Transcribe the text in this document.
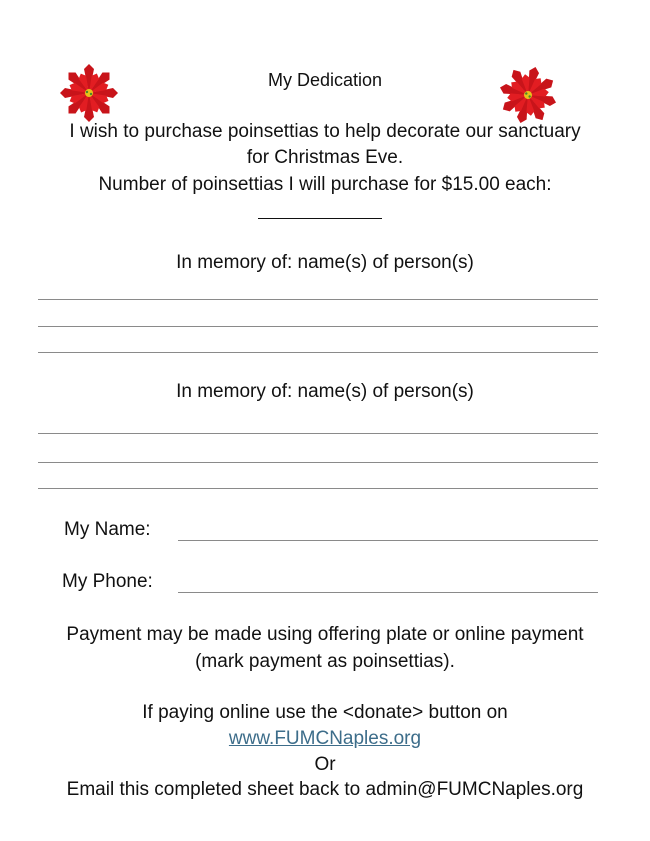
My Dedication
I wish to purchase poinsettias to help decorate our sanctuary
for Christmas Eve.
Number of poinsettias I will purchase for $15.00 each:
In memory of: name(s) of person(s)
In memory of: name(s) of person(s)
My Name:
My Phone:
Payment may be made using offering plate or online payment
(mark payment as poinsettias).
If paying online use the <donate> button on
www.FUMCNaples.org
Or
Email this completed sheet back to admin@FUMCNaples.org
